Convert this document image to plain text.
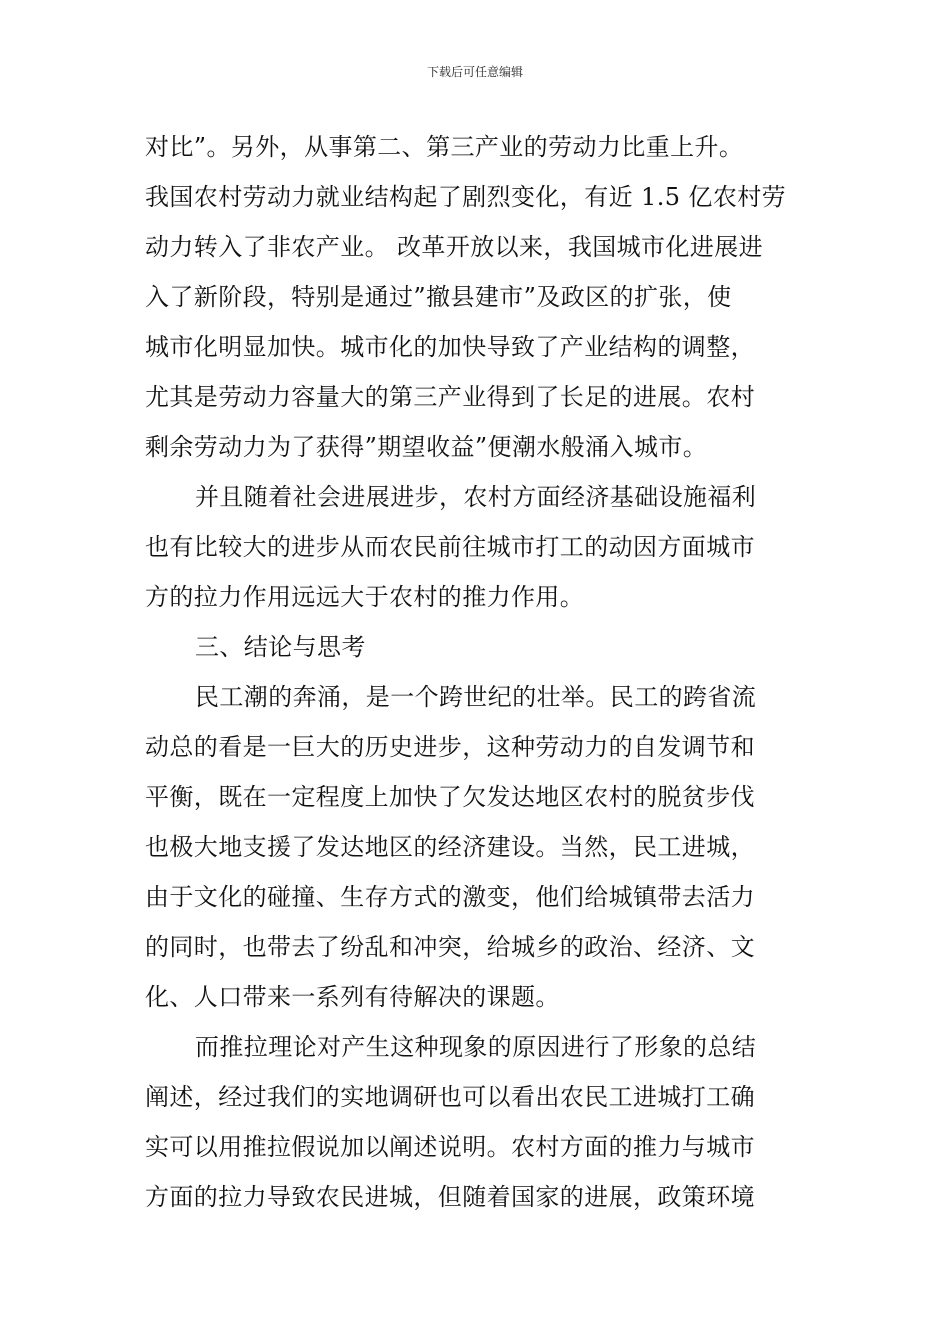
下载后可任意编辑
对比”。另外，从事第二、第三产业的劳动力比重上升。
我国农村劳动力就业结构起了剧烈变化，有近 1.5 亿农村劳
动力转入了非农产业。 改革开放以来，我国城市化进展进
入了新阶段，特别是通过”撤县建市”及政区的扩张，使
城市化明显加快。城市化的加快导致了产业结构的调整，
尤其是劳动力容量大的第三产业得到了长足的进展。农村
剩余劳动力为了获得”期望收益”便潮水般涌入城市。
并且随着社会进展进步，农村方面经济基础设施福利
也有比较大的进步从而农民前往城市打工的动因方面城市
方的拉力作用远远大于农村的推力作用。
三、结论与思考
民工潮的奔涌，是一个跨世纪的壮举。民工的跨省流
动总的看是一巨大的历史进步，这种劳动力的自发调节和
平衡，既在一定程度上加快了欠发达地区农村的脱贫步伐
也极大地支援了发达地区的经济建设。当然，民工进城，
由于文化的碰撞、生存方式的激变，他们给城镇带去活力
的同时，也带去了纷乱和冲突，给城乡的政治、经济、文
化、人口带来一系列有待解决的课题。
而推拉理论对产生这种现象的原因进行了形象的总结
阐述，经过我们的实地调研也可以看出农民工进城打工确
实可以用推拉假说加以阐述说明。农村方面的推力与城市
方面的拉力导致农民进城，但随着国家的进展，政策环境
